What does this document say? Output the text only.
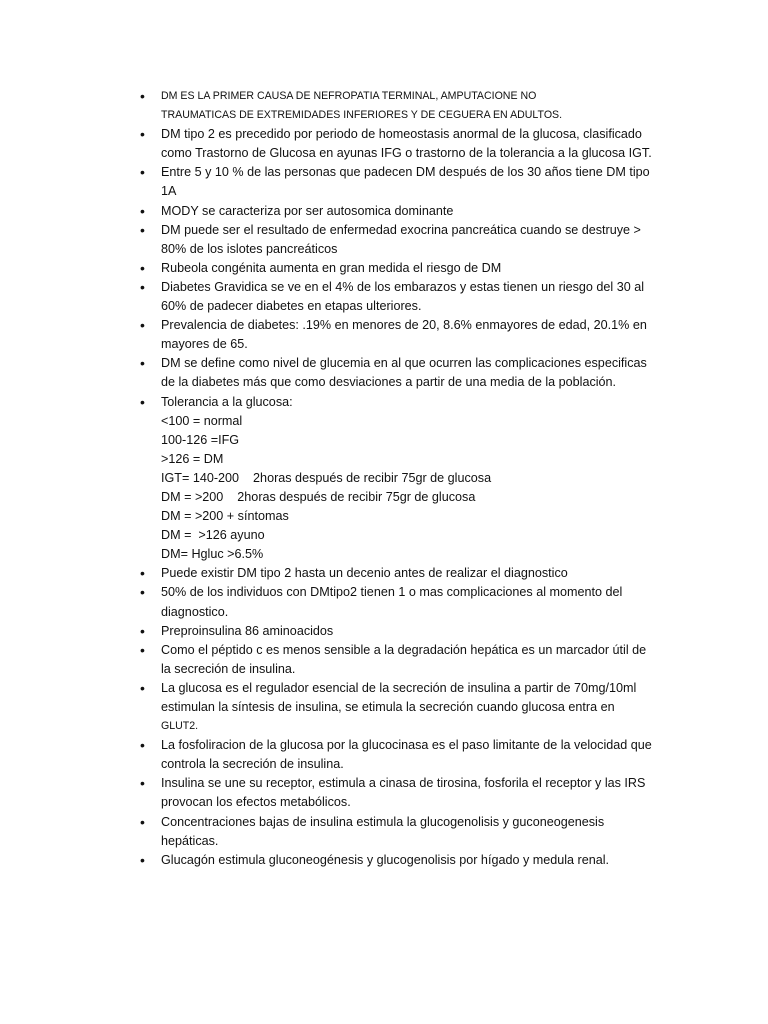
• DM ES LA PRIMER CAUSA DE NEFROPATIA TERMINAL, AMPUTACIONE NO
TRAUMATICAS DE EXTREMIDADES INFERIORES Y DE CEGUERA EN ADULTOS.
• DM tipo 2 es precedido por periodo de homeostasis anormal de la glucosa, clasificado
como Trastorno de Glucosa en ayunas IFG o trastorno de la tolerancia a la glucosa IGT.
• Entre 5 y 10 % de las personas que padecen DM después de los 30 años tiene DM tipo
1A
• MODY se caracteriza por ser autosomica dominante
• DM puede ser el resultado de enfermedad exocrina pancreática cuando se destruye >
80% de los islotes pancreáticos
• Rubeola congénita aumenta en gran medida el riesgo de DM
• Diabetes Gravidica se ve en el 4% de los embarazos y estas tienen un riesgo del 30 al
60% de padecer diabetes en etapas ulteriores.
• Prevalencia de diabetes: .19% en menores de 20, 8.6% enmayores de edad, 20.1% en
mayores de 65.
• DM se define como nivel de glucemia en al que ocurren las complicaciones especificas
de la diabetes más que como desviaciones a partir de una media de la población.
• Tolerancia a la glucosa:
<100 = normal
100-126 =IFG
>126 = DM
IGT= 140-200    2horas después de recibir 75gr de glucosa
DM = >200    2horas después de recibir 75gr de glucosa
DM = >200 + síntomas
DM =  >126 ayuno
DM= Hgluc >6.5%
• Puede existir DM tipo 2 hasta un decenio antes de realizar el diagnostico
• 50% de los individuos con DMtipo2 tienen 1 o mas complicaciones al momento del
diagnostico.
• Preproinsulina 86 aminoacidos
• Como el péptido c es menos sensible a la degradación hepática es un marcador útil de
la secreción de insulina.
• La glucosa es el regulador esencial de la secreción de insulina a partir de 70mg/10ml
estimulan la síntesis de insulina, se etimula la secreción cuando glucosa entra en
GLUT2.
• La fosfoliracion de la glucosa por la glucocinasa es el paso limitante de la velocidad que
controla la secreción de insulina.
• Insulina se une su receptor, estimula a cinasa de tirosina, fosforila el receptor y las IRS
provocan los efectos metabólicos.
• Concentraciones bajas de insulina estimula la glucogenolisis y guconeogenesis
hepáticas.
• Glucagón estimula gluconeogénesis y glucogenolisis por hígado y medula renal.
